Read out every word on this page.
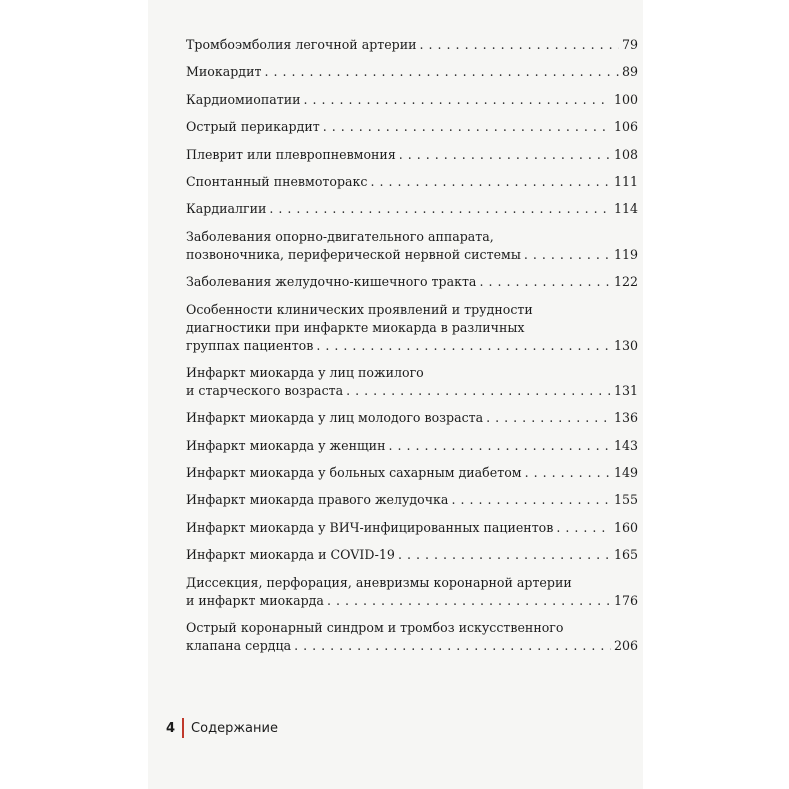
Тромбоэмболия легочной артерии . . .	79
Миокардит . . .	89
Кардиомиопатии . . .	100
Острый перикардит . . .	106
Плеврит или плевропневмония . . .	108
Спонтанный пневмоторакс . . .	111
Кардиалгии . . .	114
Заболевания опорно-двигательного аппарата,
позвоночника, периферической нервной системы . . .	119
Заболевания желудочно-кишечного тракта . . .	122
Особенности клинических проявлений и трудности
диагностики при инфаркте миокарда в различных
группах пациентов . . .	130
Инфаркт миокарда у лиц пожилого
и старческого возраста . . .	131
Инфаркт миокарда у лиц молодого возраста . . .	136
Инфаркт миокарда у женщин . . .	143
Инфаркт миокарда у больных сахарным диабетом . . .	149
Инфаркт миокарда правого желудочка . . .	155
Инфаркт миокарда у ВИЧ-инфицированных пациентов . . .	160
Инфаркт миокарда и COVID-19 . . .	165
Диссекция, перфорация, аневризмы коронарной артерии
и инфаркт миокарда . . .	176
Острый коронарный синдром и тромбоз искусственного
клапана сердца . . .	206
4 Содержание
